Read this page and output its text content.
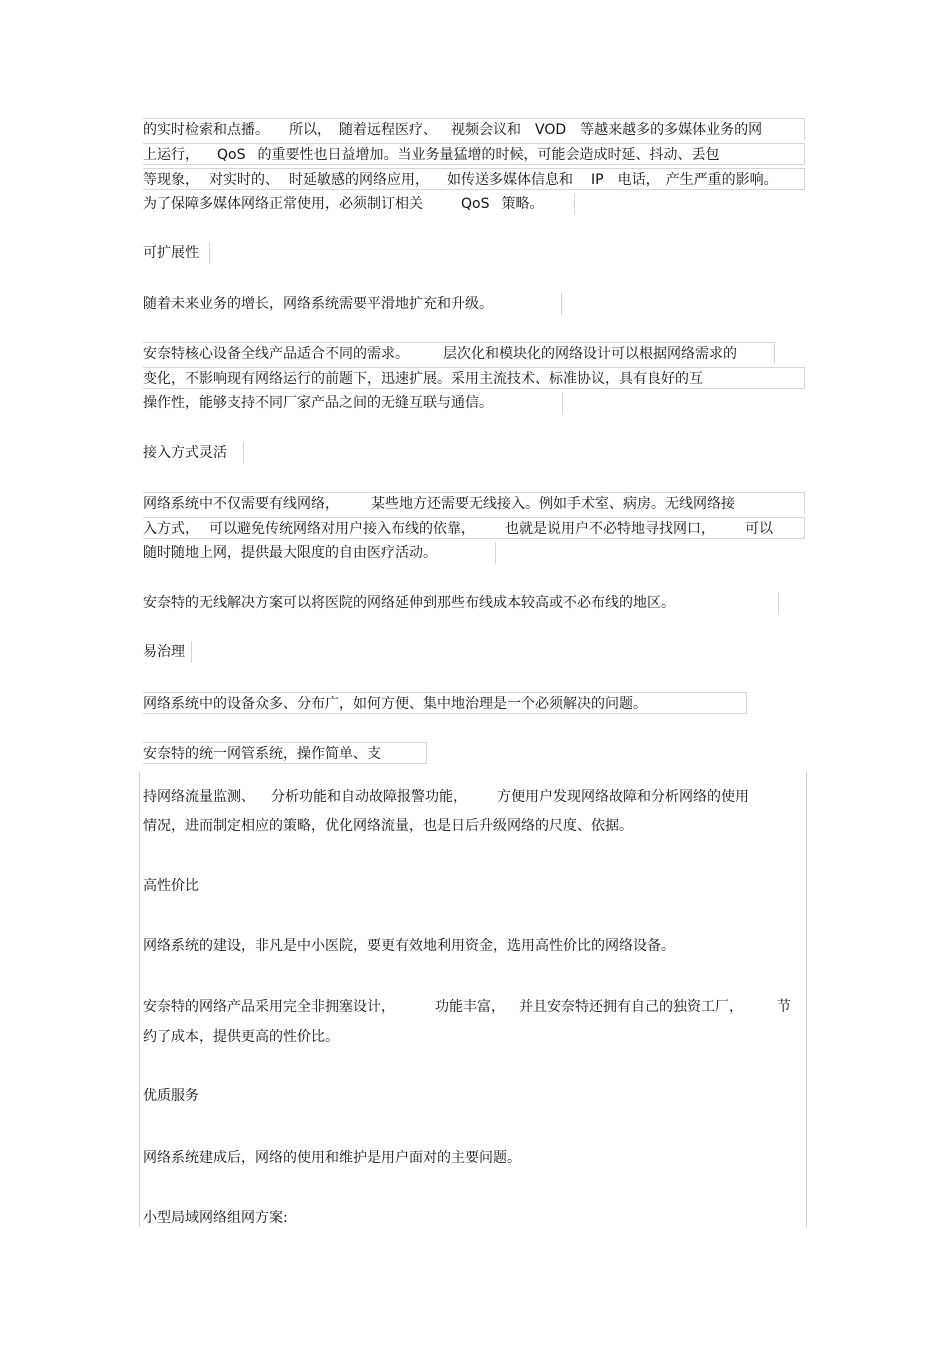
的实时检索和点播。 所以， 随着远程医疗、 视频会议和 VOD 等越来越多的多媒体业务的网
上运行， QoS 的重要性也日益增加。当业务量猛增的时候，可能会造成时延、抖动、丢包
等现象， 对实时的、 时延敏感的网络应用， 如传送多媒体信息和 IP 电话， 产生严重的影响。
为了保障多媒体网络正常使用，必须制订相关	QoS 策略。
可扩展性
随着未来业务的增长，网络系统需要平滑地扩充和升级。
安奈特核心设备全线产品适合不同的需求。 层次化和模块化的网络设计可以根据网络需求的
变化，不影响现有网络运行的前题下，迅速扩展。采用主流技术、标准协议，具有良好的互
操作性，能够支持不同厂家产品之间的无缝互联与通信。
接入方式灵活
网络系统中不仅需要有线网络， 某些地方还需要无线接入。例如手术室、病房。无线网络接
入方式， 可以避免传统网络对用户接入布线的依靠， 也就是说用户不必特地寻找网口， 可以
随时随地上网，提供最大限度的自由医疗活动。
安奈特的无线解决方案可以将医院的网络延伸到那些布线成本较高或不必布线的地区。
易治理
网络系统中的设备众多、分布广，如何方便、集中地治理是一个必须解决的问题。
安奈特的统一网管系统，操作简单、支
持网络流量监测、 分析功能和自动故障报警功能， 方便用户发现网络故障和分析网络的使用
情况，进而制定相应的策略，优化网络流量，也是日后升级网络的尺度、依据。
高性价比
网络系统的建设，非凡是中小医院，要更有效地利用资金，选用高性价比的网络设备。
安奈特的网络产品采用完全非拥塞设计，	功能丰富， 并且安奈特还拥有自己的独资工厂， 节
约了成本，提供更高的性价比。
优质服务
网络系统建成后，网络的使用和维护是用户面对的主要问题。
小型局域网络组网方案:
